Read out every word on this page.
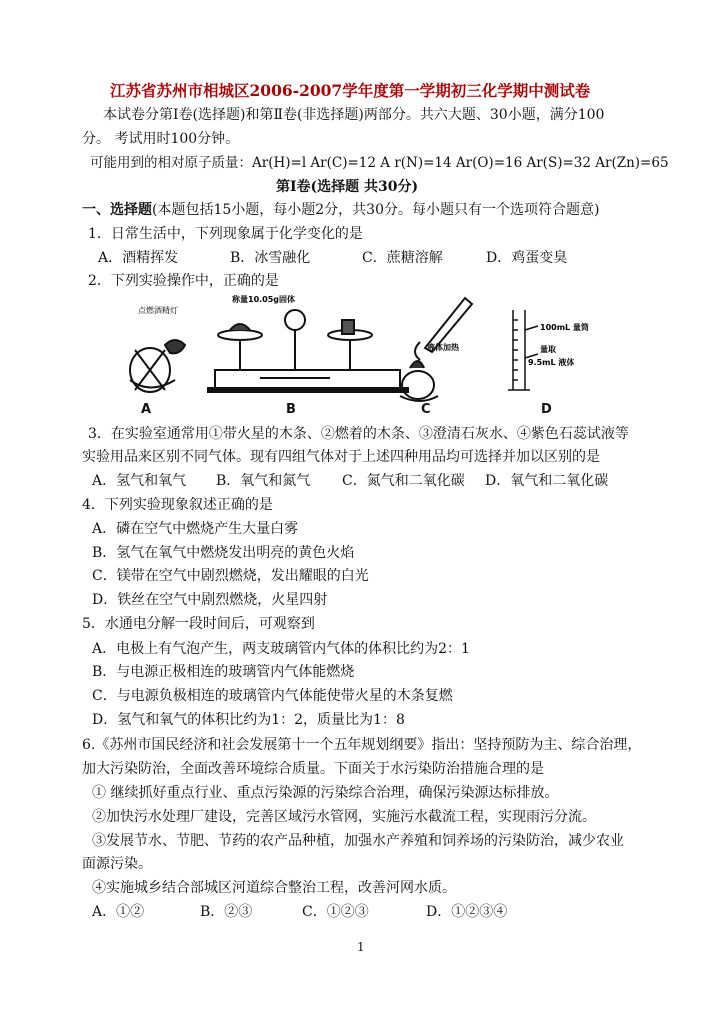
江苏省苏州市相城区2006-2007学年度第一学期初三化学期中测试卷
本试卷分第Ⅰ卷(选择题)和第Ⅱ卷(非选择题)两部分。共六大题、30小题，满分100
分。 考试用时100分钟。
可能用到的相对原子质量：Ar(H)=l Ar(C)=12 A r(N)=14 Ar(O)=16 Ar(S)=32 Ar(Zn)=65
第Ⅰ卷(选择题 共30分)
一、选择题(本题包括15小题，每小题2分，共30分。每小题只有一个选项符合题意)
1．日常生活中，下列现象属于化学变化的是
A．酒精挥发	B．冰雪融化	C．蔗糖溶解	D．鸡蛋变臭
2．下列实验操作中，正确的是
点燃酒精灯
称量10.05g固体
液体加热
100mL 量筒
量取
9.5mL 液体
A	B	C	D
3．在实验室通常用①带火星的木条、②燃着的木条、③澄清石灰水、④紫色石蕊试液等
实验用品来区别不同气体。现有四组气体对于上述四种用品均可选择并加以区别的是
A．氢气和氧气 B．氧气和氮气 C．氮气和二氧化碳 D．氧气和二氧化碳
4．下列实验现象叙述正确的是
A．磷在空气中燃烧产生大量白雾
B．氢气在氧气中燃烧发出明亮的黄色火焰
C．镁带在空气中剧烈燃烧，发出耀眼的白光
D．铁丝在空气中剧烈燃烧，火星四射
5．水通电分解一段时间后，可观察到
A．电极上有气泡产生，两支玻璃管内气体的体积比约为2：1
B．与电源正极相连的玻璃管内气体能燃烧
C．与电源负极相连的玻璃管内气体能使带火星的木条复燃
D．氢气和氧气的体积比约为1：2，质量比为1：8
6.《苏州市国民经济和社会发展第十一个五年规划纲要》指出：坚持预防为主、综合治理，
加大污染防治，全面改善环境综合质量。下面关于水污染防治措施合理的是
① 继续抓好重点行业、重点污染源的污染综合治理，确保污染源达标排放。
②加快污水处理厂建设，完善区域污水管网，实施污水截流工程，实现雨污分流。
③发展节水、节肥、节药的农产品种植，加强水产养殖和饲养场的污染防治，减少农业
面源污染。
④实施城乡结合部城区河道综合整治工程，改善河网水质。
A．①②	B．②③	C．①②③	D．①②③④
1
